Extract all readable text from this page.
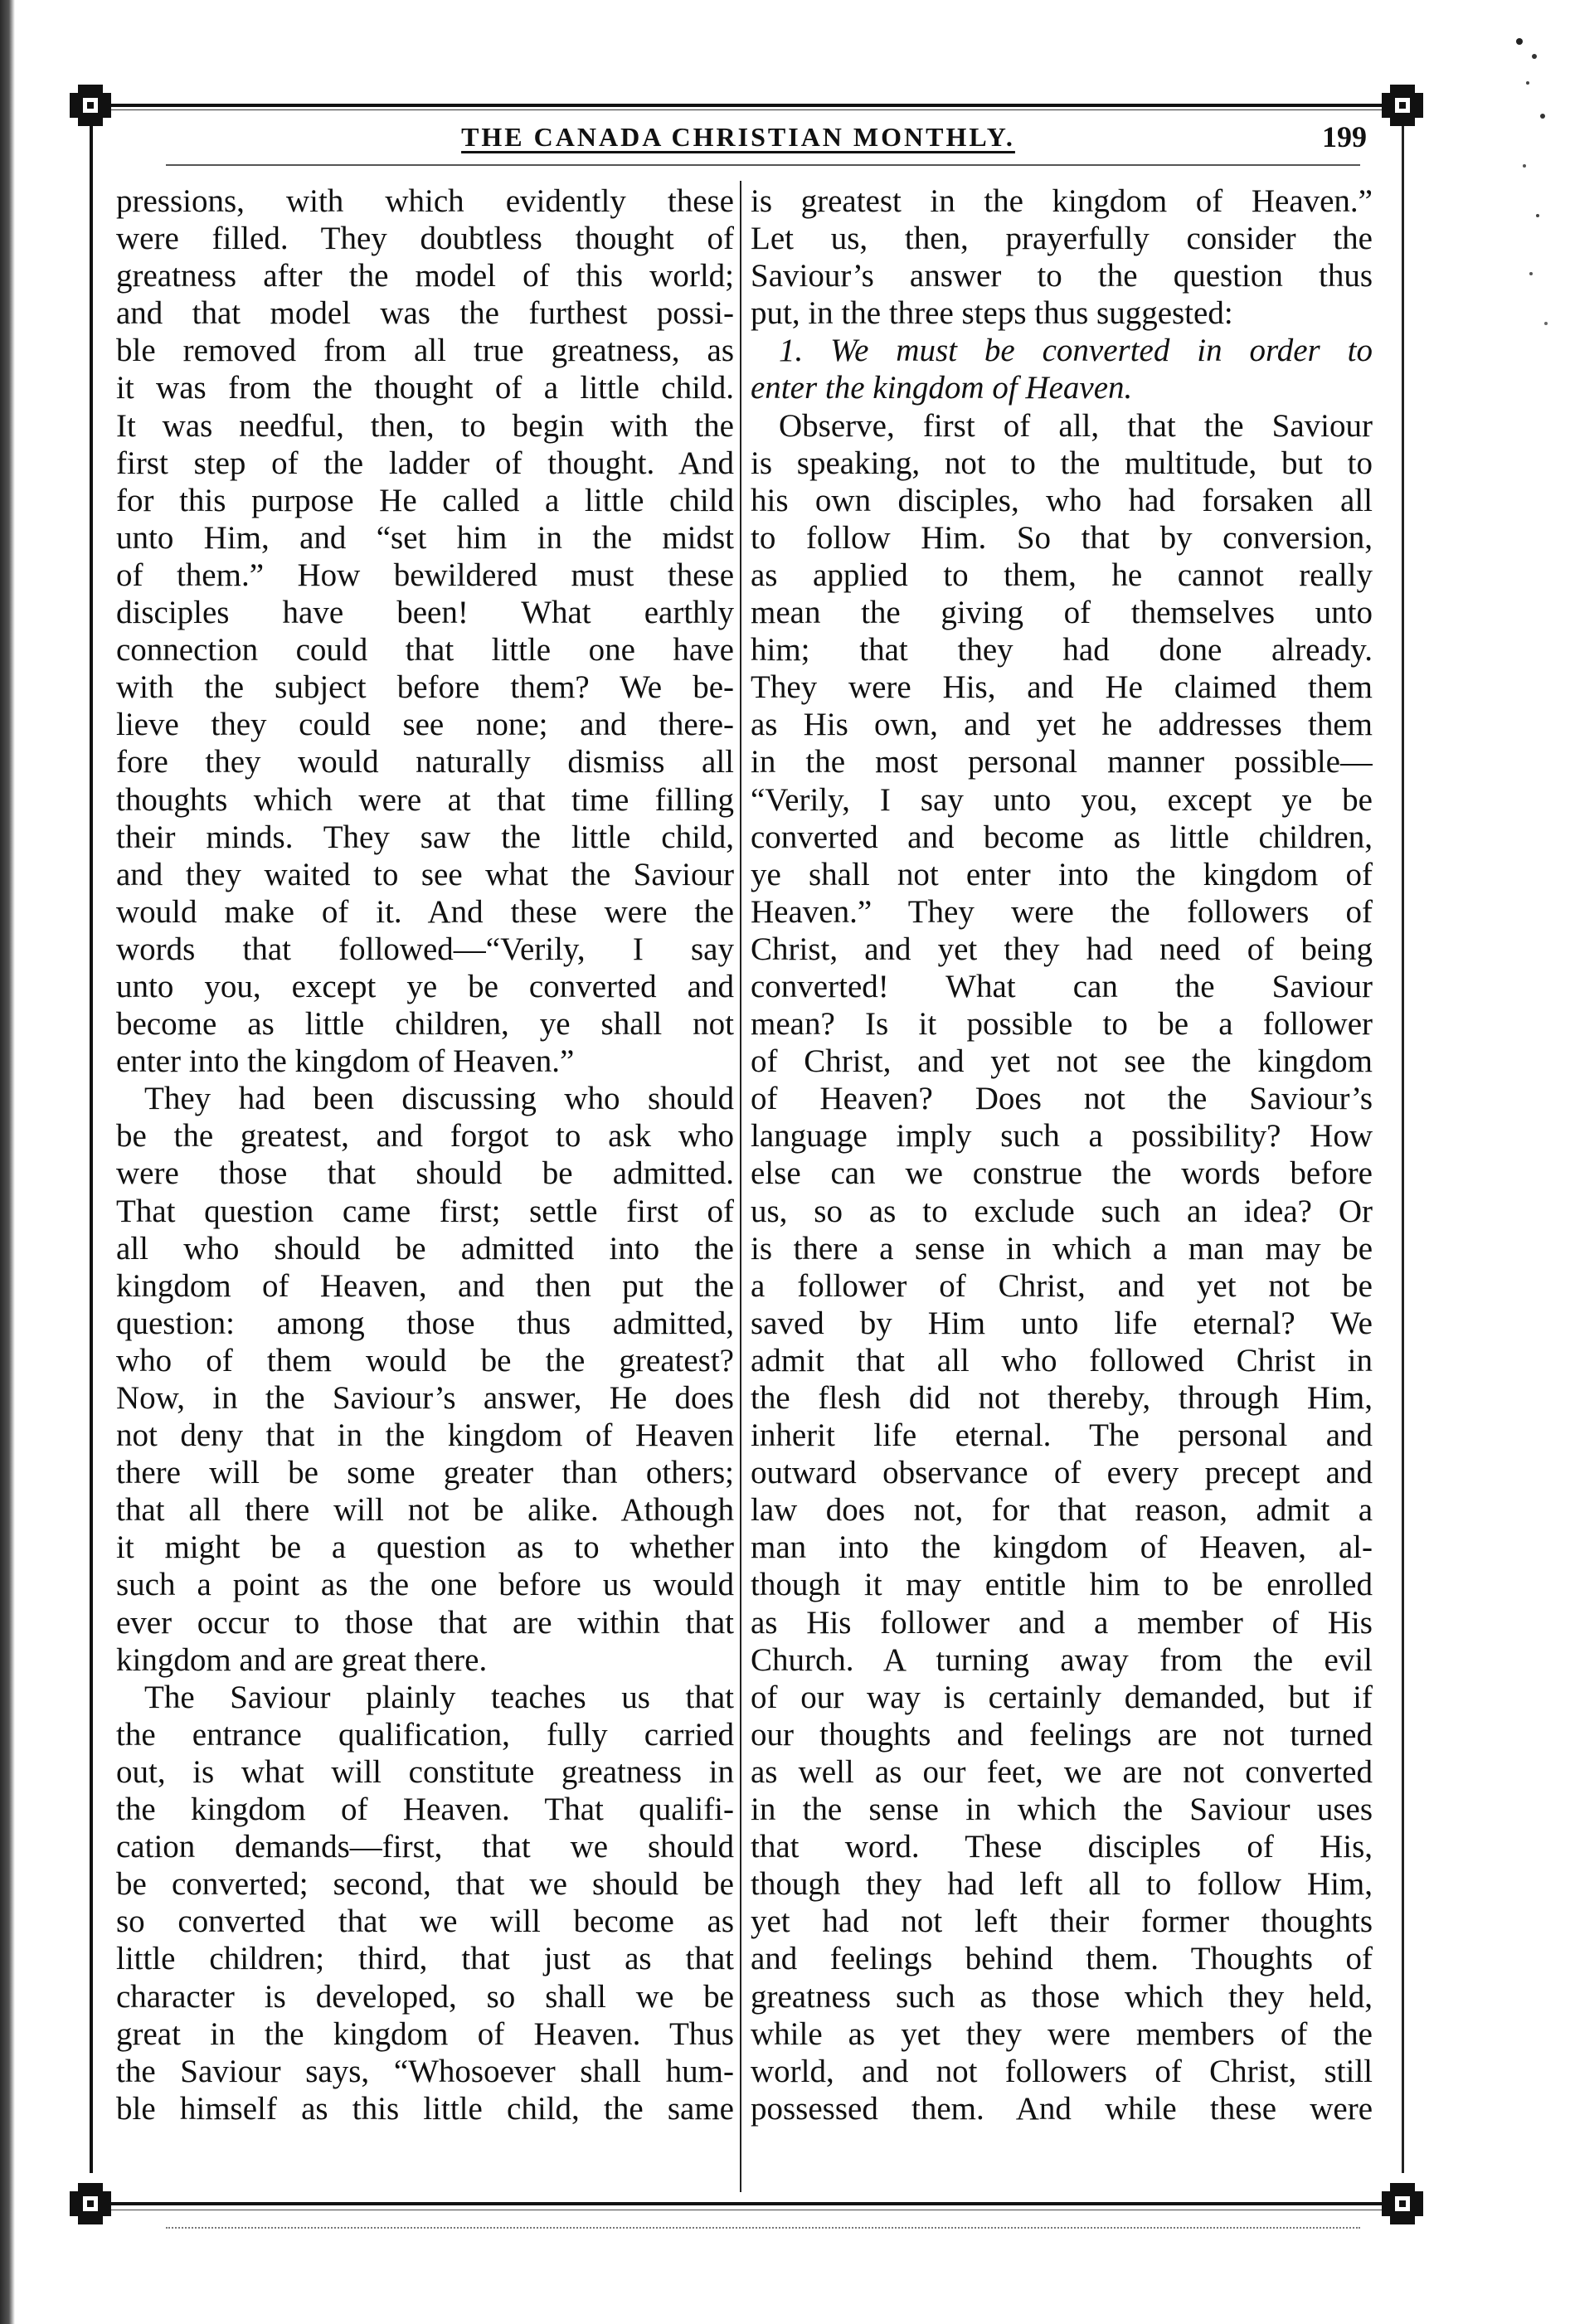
THE CANADA CHRISTIAN MONTHLY.	199
pressions, with which evidently these
were filled. They doubtless thought of
greatness after the model of this world;
and that model was the furthest possi-
ble removed from all true greatness, as
it was from the thought of a little child.
It was needful, then, to begin with the
first step of the ladder of thought. And
for this purpose He called a little child
unto Him, and “set him in the midst
of them.” How bewildered must these
disciples have been! What earthly
connection could that little one have
with the subject before them? We be-
lieve they could see none; and there-
fore they would naturally dismiss all
thoughts which were at that time filling
their minds. They saw the little child,
and they waited to see what the Saviour
would make of it. And these were the
words that followed—“Verily, I say
unto you, except ye be converted and
become as little children, ye shall not
enter into the kingdom of Heaven.”
They had been discussing who should
be the greatest, and forgot to ask who
were those that should be admitted.
That question came first; settle first of
all who should be admitted into the
kingdom of Heaven, and then put the
question: among those thus admitted,
who of them would be the greatest?
Now, in the Saviour’s answer, He does
not deny that in the kingdom of Heaven
there will be some greater than others;
that all there will not be alike. Athough
it might be a question as to whether
such a point as the one before us would
ever occur to those that are within that
kingdom and are great there.
The Saviour plainly teaches us that
the entrance qualification, fully carried
out, is what will constitute greatness in
the kingdom of Heaven. That qualifi-
cation demands—first, that we should
be converted; second, that we should be
so converted that we will become as
little children; third, that just as that
character is developed, so shall we be
great in the kingdom of Heaven. Thus
the Saviour says, “Whosoever shall hum-
ble himself as this little child, the same
is greatest in the kingdom of Heaven.”
Let us, then, prayerfully consider the
Saviour’s answer to the question thus
put, in the three steps thus suggested:
1. We must be converted in order to
enter the kingdom of Heaven.
Observe, first of all, that the Saviour
is speaking, not to the multitude, but to
his own disciples, who had forsaken all
to follow Him. So that by conversion,
as applied to them, he cannot really
mean the giving of themselves unto
him; that they had done already.
They were His, and He claimed them
as His own, and yet he addresses them
in the most personal manner possible—
“Verily, I say unto you, except ye be
converted and become as little children,
ye shall not enter into the kingdom of
Heaven.” They were the followers of
Christ, and yet they had need of being
converted! What can the Saviour
mean? Is it possible to be a follower
of Christ, and yet not see the kingdom
of Heaven? Does not the Saviour’s
language imply such a possibility? How
else can we construe the words before
us, so as to exclude such an idea? Or
is there a sense in which a man may be
a follower of Christ, and yet not be
saved by Him unto life eternal? We
admit that all who followed Christ in
the flesh did not thereby, through Him,
inherit life eternal. The personal and
outward observance of every precept and
law does not, for that reason, admit a
man into the kingdom of Heaven, al-
though it may entitle him to be enrolled
as His follower and a member of His
Church. A turning away from the evil
of our way is certainly demanded, but if
our thoughts and feelings are not turned
as well as our feet, we are not converted
in the sense in which the Saviour uses
that word. These disciples of His,
though they had left all to follow Him,
yet had not left their former thoughts
and feelings behind them. Thoughts of
greatness such as those which they held,
while as yet they were members of the
world, and not followers of Christ, still
possessed them. And while these were
